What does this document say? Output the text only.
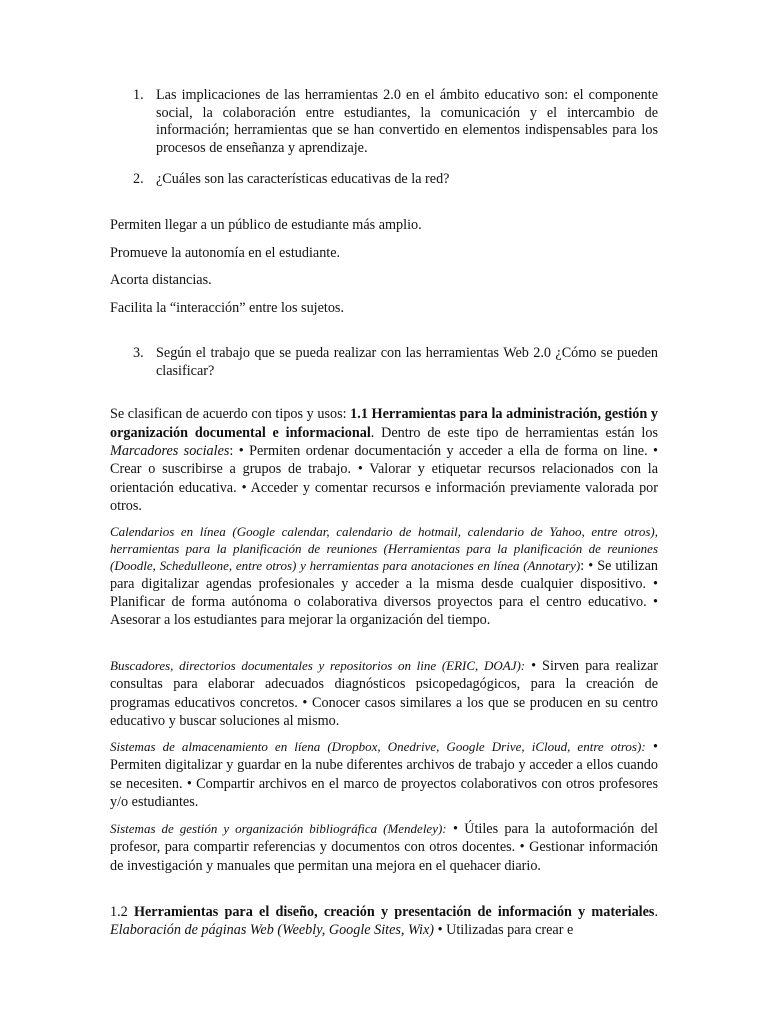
1. Las implicaciones de las herramientas 2.0 en el ámbito educativo son: el componente social, la colaboración entre estudiantes, la comunicación y el intercambio de información; herramientas que se han convertido en elementos indispensables para los procesos de enseñanza y aprendizaje.
2. ¿Cuáles son las características educativas de la red?
Permiten llegar a un público de estudiante más amplio.
Promueve la autonomía en el estudiante.
Acorta distancias.
Facilita la “interacción” entre los sujetos.
3. Según el trabajo que se pueda realizar con las herramientas Web 2.0 ¿Cómo se pueden clasificar?
Se clasifican de acuerdo con tipos y usos: 1.1 Herramientas para la administración, gestión y organización documental e informacional. Dentro de este tipo de herramientas están los Marcadores sociales: • Permiten ordenar documentación y acceder a ella de forma on line. • Crear o suscribirse a grupos de trabajo. • Valorar y etiquetar recursos relacionados con la orientación educativa. • Acceder y comentar recursos e información previamente valorada por otros.
Calendarios en línea (Google calendar, calendario de hotmail, calendario de Yahoo, entre otros), herramientas para la planificación de reuniones (Herramientas para la planificación de reuniones (Doodle, Schedulleone, entre otros) y herramientas para anotaciones en línea (Annotary): • Se utilizan para digitalizar agendas profesionales y acceder a la misma desde cualquier dispositivo. • Planificar de forma autónoma o colaborativa diversos proyectos para el centro educativo. • Asesorar a los estudiantes para mejorar la organización del tiempo.
Buscadores, directorios documentales y repositorios on line (ERIC, DOAJ): • Sirven para realizar consultas para elaborar adecuados diagnósticos psicopedagógicos, para la creación de programas educativos concretos. • Conocer casos similares a los que se producen en su centro educativo y buscar soluciones al mismo.
Sistemas de almacenamiento en líena (Dropbox, Onedrive, Google Drive, iCloud, entre otros): • Permiten digitalizar y guardar en la nube diferentes archivos de trabajo y acceder a ellos cuando se necesiten. • Compartir archivos en el marco de proyectos colaborativos con otros profesores y/o estudiantes.
Sistemas de gestión y organización bibliográfica (Mendeley): • Útiles para la autoformación del profesor, para compartir referencias y documentos con otros docentes. • Gestionar información de investigación y manuales que permitan una mejora en el quehacer diario.
1.2 Herramientas para el diseño, creación y presentación de información y materiales. Elaboración de páginas Web (Weebly, Google Sites, Wix) • Utilizadas para crear e
